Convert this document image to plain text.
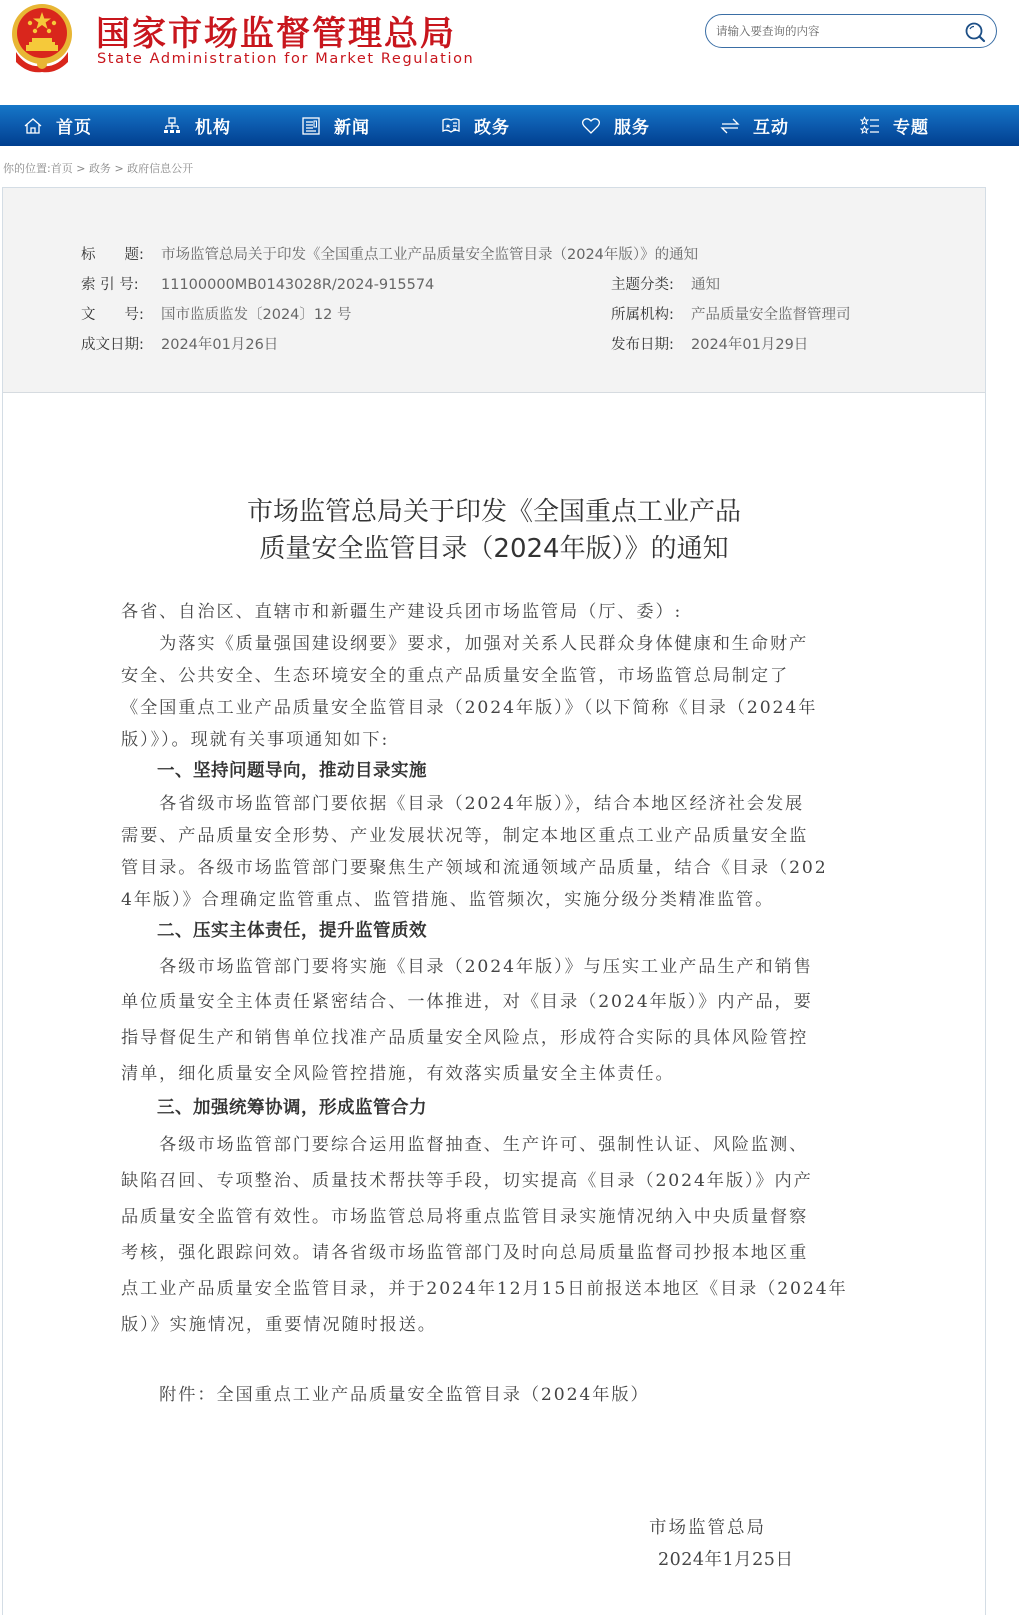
国家市场监督管理总局
State Administration for Market Regulation
请输入要查询的内容
首页	机构	新闻	政务	服务	互动	专题
你的位置:首页 > 政务 > 政府信息公开
标　　题: 市场监管总局关于印发《全国重点工业产品质量安全监管目录（2024年版）》的通知
索 引 号: 11100000MB0143028R/2024-915574
文　　号: 国市监质监发〔2024〕12 号
成文日期: 2024年01月26日
主题分类: 通知
所属机构: 产品质量安全监督管理司
发布日期: 2024年01月29日
市场监管总局关于印发《全国重点工业产品
质量安全监管目录（2024年版）》的通知
各省、自治区、直辖市和新疆生产建设兵团市场监管局（厅、委）:
　　为落实《质量强国建设纲要》要求，加强对关系人民群众身体健康和生命财产
安全、公共安全、生态环境安全的重点产品质量安全监管，市场监管总局制定了
《全国重点工业产品质量安全监管目录（2024年版）》（以下简称《目录（2024年
版）》）。现就有关事项通知如下:
　　一、坚持问题导向，推动目录实施
　　各省级市场监管部门要依据《目录（2024年版）》，结合本地区经济社会发展
需要、产品质量安全形势、产业发展状况等，制定本地区重点工业产品质量安全监
管目录。各级市场监管部门要聚焦生产领域和流通领域产品质量，结合《目录（202
4年版）》合理确定监管重点、监管措施、监管频次，实施分级分类精准监管。
　　二、压实主体责任，提升监管质效
　　各级市场监管部门要将实施《目录（2024年版）》与压实工业产品生产和销售
单位质量安全主体责任紧密结合、一体推进，对《目录（2024年版）》内产品，要
指导督促生产和销售单位找准产品质量安全风险点，形成符合实际的具体风险管控
清单，细化质量安全风险管控措施，有效落实质量安全主体责任。
　　三、加强统筹协调，形成监管合力
　　各级市场监管部门要综合运用监督抽查、生产许可、强制性认证、风险监测、
缺陷召回、专项整治、质量技术帮扶等手段，切实提高《目录（2024年版）》内产
品质量安全监管有效性。市场监管总局将重点监管目录实施情况纳入中央质量督察
考核，强化跟踪问效。请各省级市场监管部门及时向总局质量监督司抄报本地区重
点工业产品质量安全监管目录，并于2024年12月15日前报送本地区《目录（2024年
版）》实施情况，重要情况随时报送。
　　附件：全国重点工业产品质量安全监管目录（2024年版）
市场监管总局
2024年1月25日
